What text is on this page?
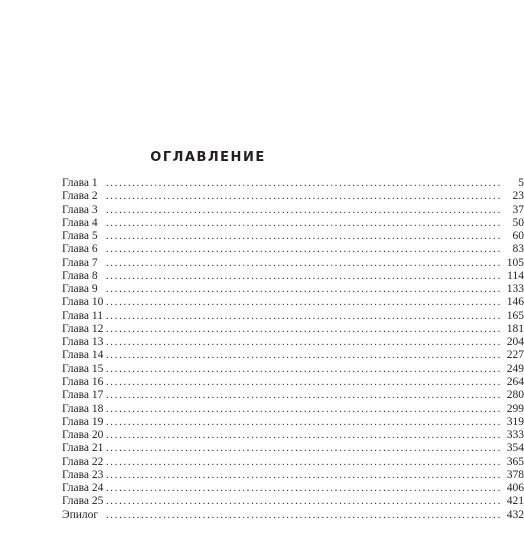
ОГЛАВЛЕНИЕ
Глава 1 ..........................................................................................	5
Глава 2 .......................................................................................... 23
Глава 3 .......................................................................................... 37
Глава 4 .......................................................................................... 50
Глава 5 .......................................................................................... 60
Глава 6 .......................................................................................... 83
Глава 7 .......................................................................................... 105
Глава 8 .......................................................................................... 114
Глава 9 .......................................................................................... 133
Глава 10 .......................................................................................... 146
Глава 11 .......................................................................................... 165
Глава 12 .......................................................................................... 181
Глава 13 .......................................................................................... 204
Глава 14 .......................................................................................... 227
Глава 15 .......................................................................................... 249
Глава 16 .......................................................................................... 264
Глава 17 .......................................................................................... 280
Глава 18 .......................................................................................... 299
Глава 19 .......................................................................................... 319
Глава 20 .......................................................................................... 333
Глава 21 .......................................................................................... 354
Глава 22 .......................................................................................... 365
Глава 23 .......................................................................................... 378
Глава 24 .......................................................................................... 406
Глава 25 .......................................................................................... 421
Эпилог .......................................................................................... 432
